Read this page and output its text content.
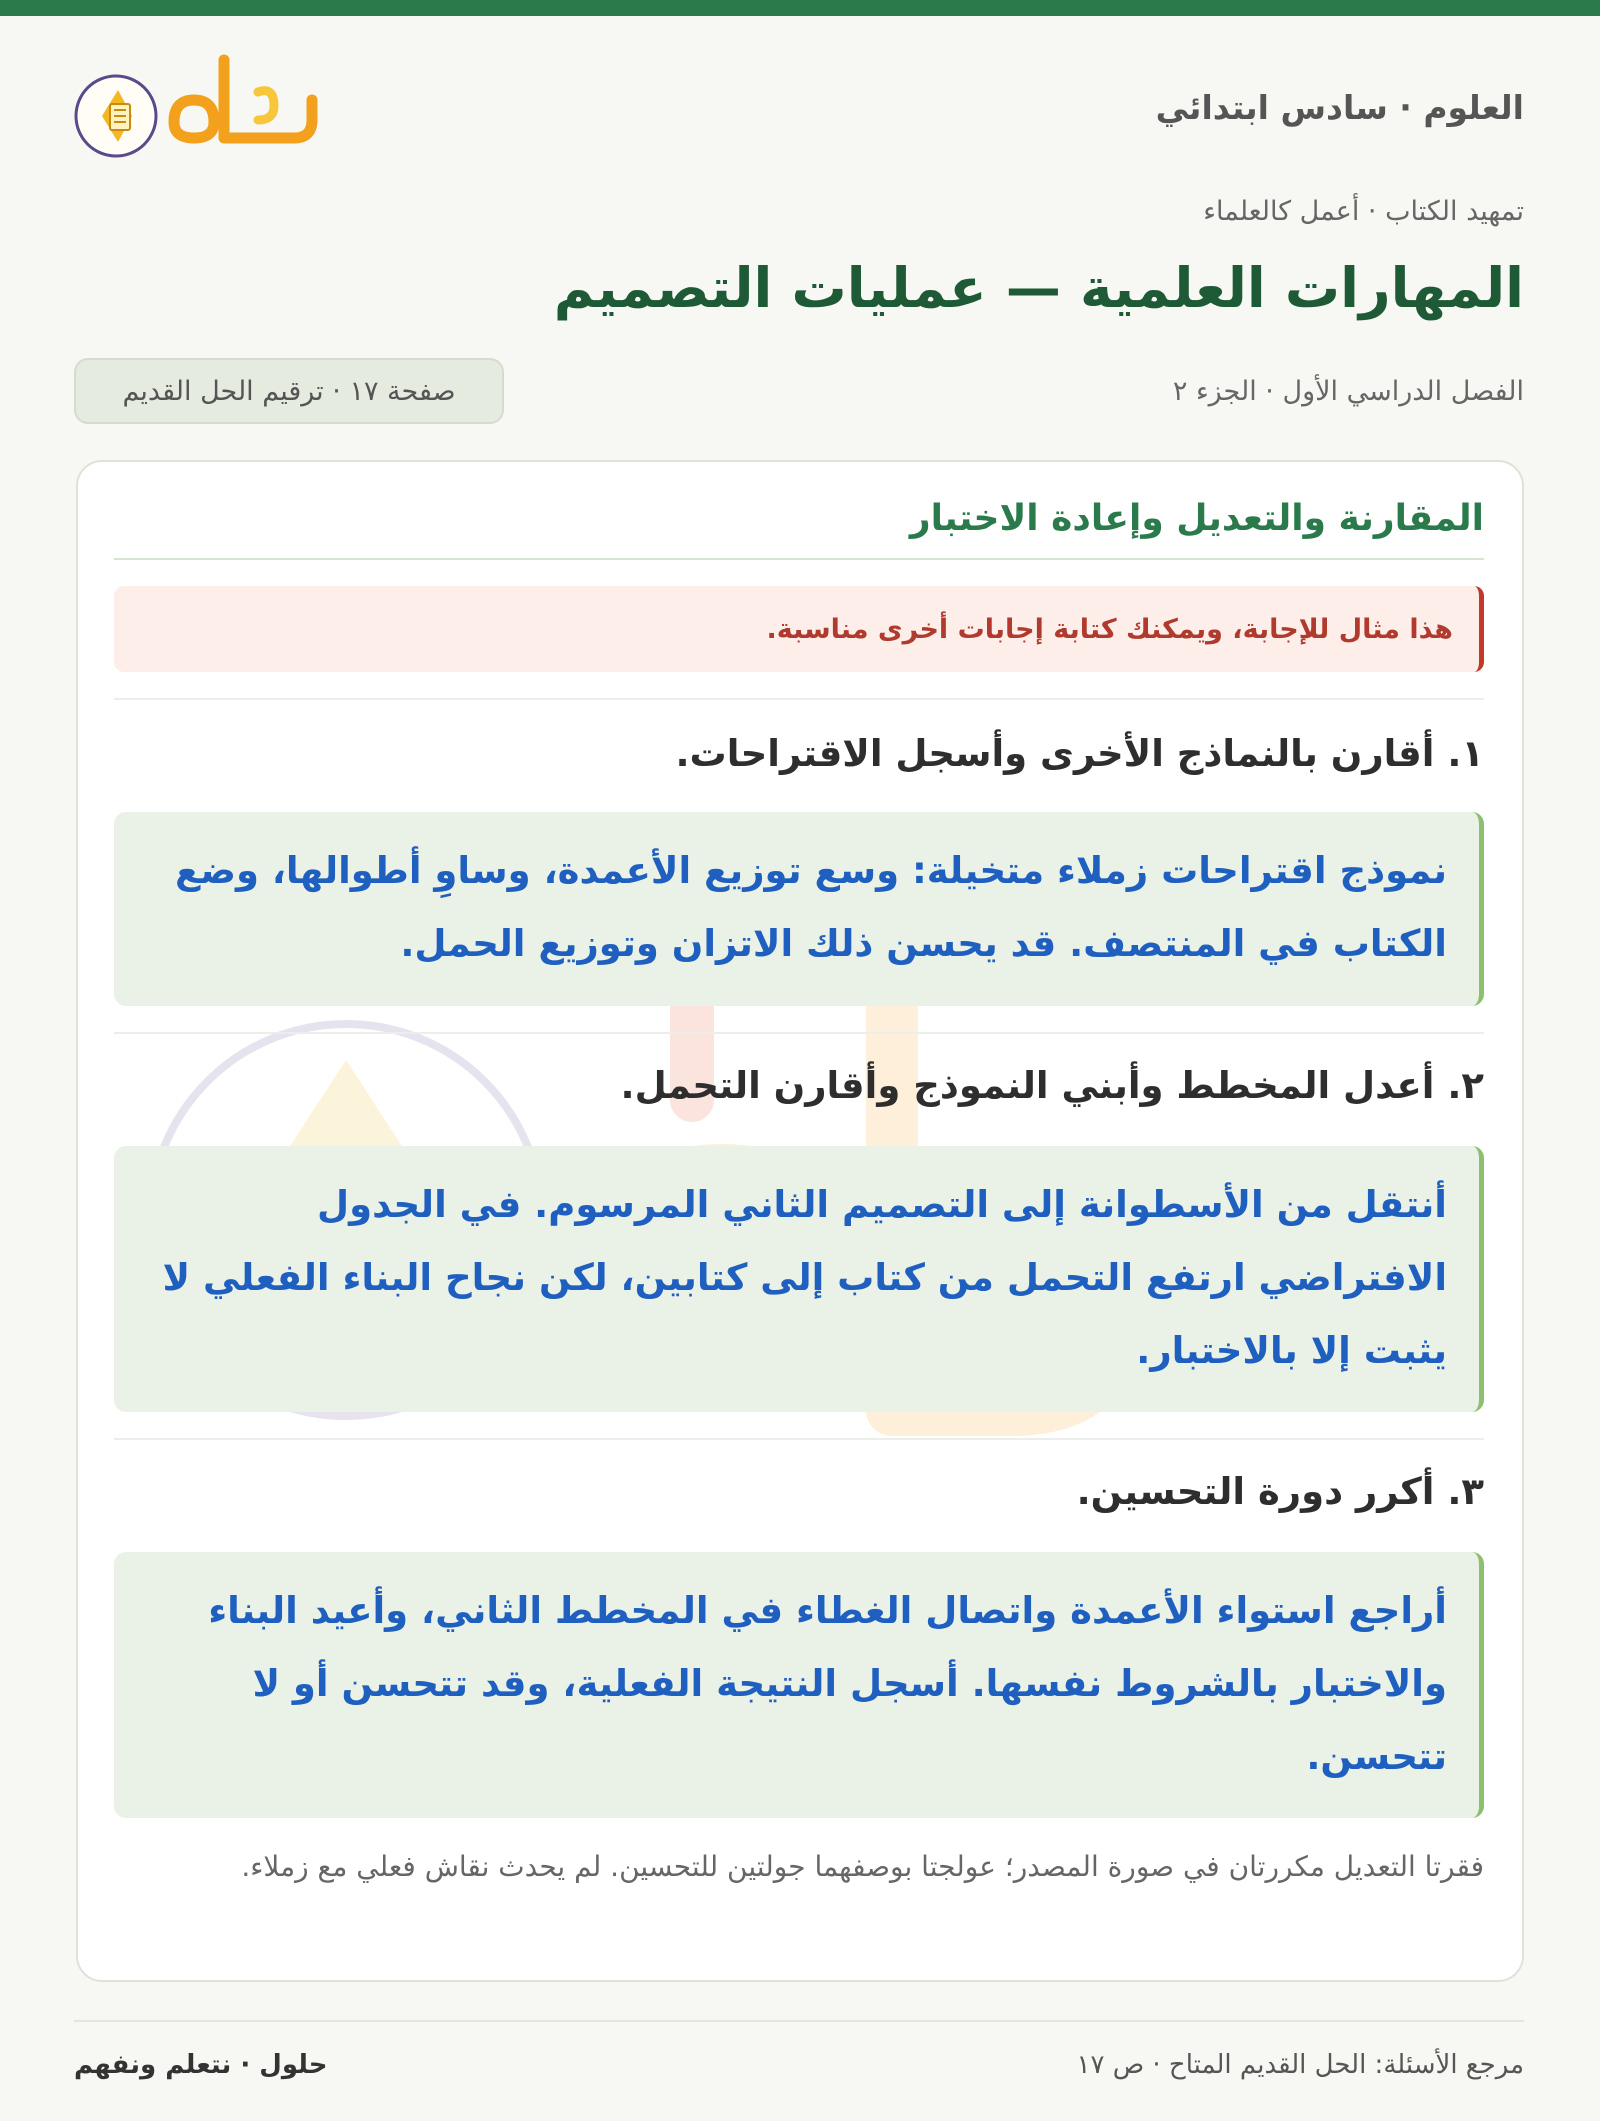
العلوم · سادس ابتدائي
تمهيد الكتاب · أعمل كالعلماء
المهارات العلمية — عمليات التصميم
الفصل الدراسي الأول · الجزء ٢
صفحة ١٧ · ترقيم الحل القديم
المقارنة والتعديل وإعادة الاختبار
هذا مثال للإجابة، ويمكنك كتابة إجابات أخرى مناسبة.
١. أقارن بالنماذج الأخرى وأسجل الاقتراحات.
نموذج اقتراحات زملاء متخيلة: وسع توزيع الأعمدة، وساوِ أطوالها، وضع الكتاب في المنتصف. قد يحسن ذلك الاتزان وتوزيع الحمل.
٢. أعدل المخطط وأبني النموذج وأقارن التحمل.
أنتقل من الأسطوانة إلى التصميم الثاني المرسوم. في الجدول الافتراضي ارتفع التحمل من كتاب إلى كتابين، لكن نجاح البناء الفعلي لا يثبت إلا بالاختبار.
٣. أكرر دورة التحسين.
أراجع استواء الأعمدة واتصال الغطاء في المخطط الثاني، وأعيد البناء والاختبار بالشروط نفسها. أسجل النتيجة الفعلية، وقد تتحسن أو لا تتحسن.
فقرتا التعديل مكررتان في صورة المصدر؛ عولجتا بوصفهما جولتين للتحسين. لم يحدث نقاش فعلي مع زملاء.
حلول · نتعلم ونفهم	مرجع الأسئلة: الحل القديم المتاح · ص ١٧
